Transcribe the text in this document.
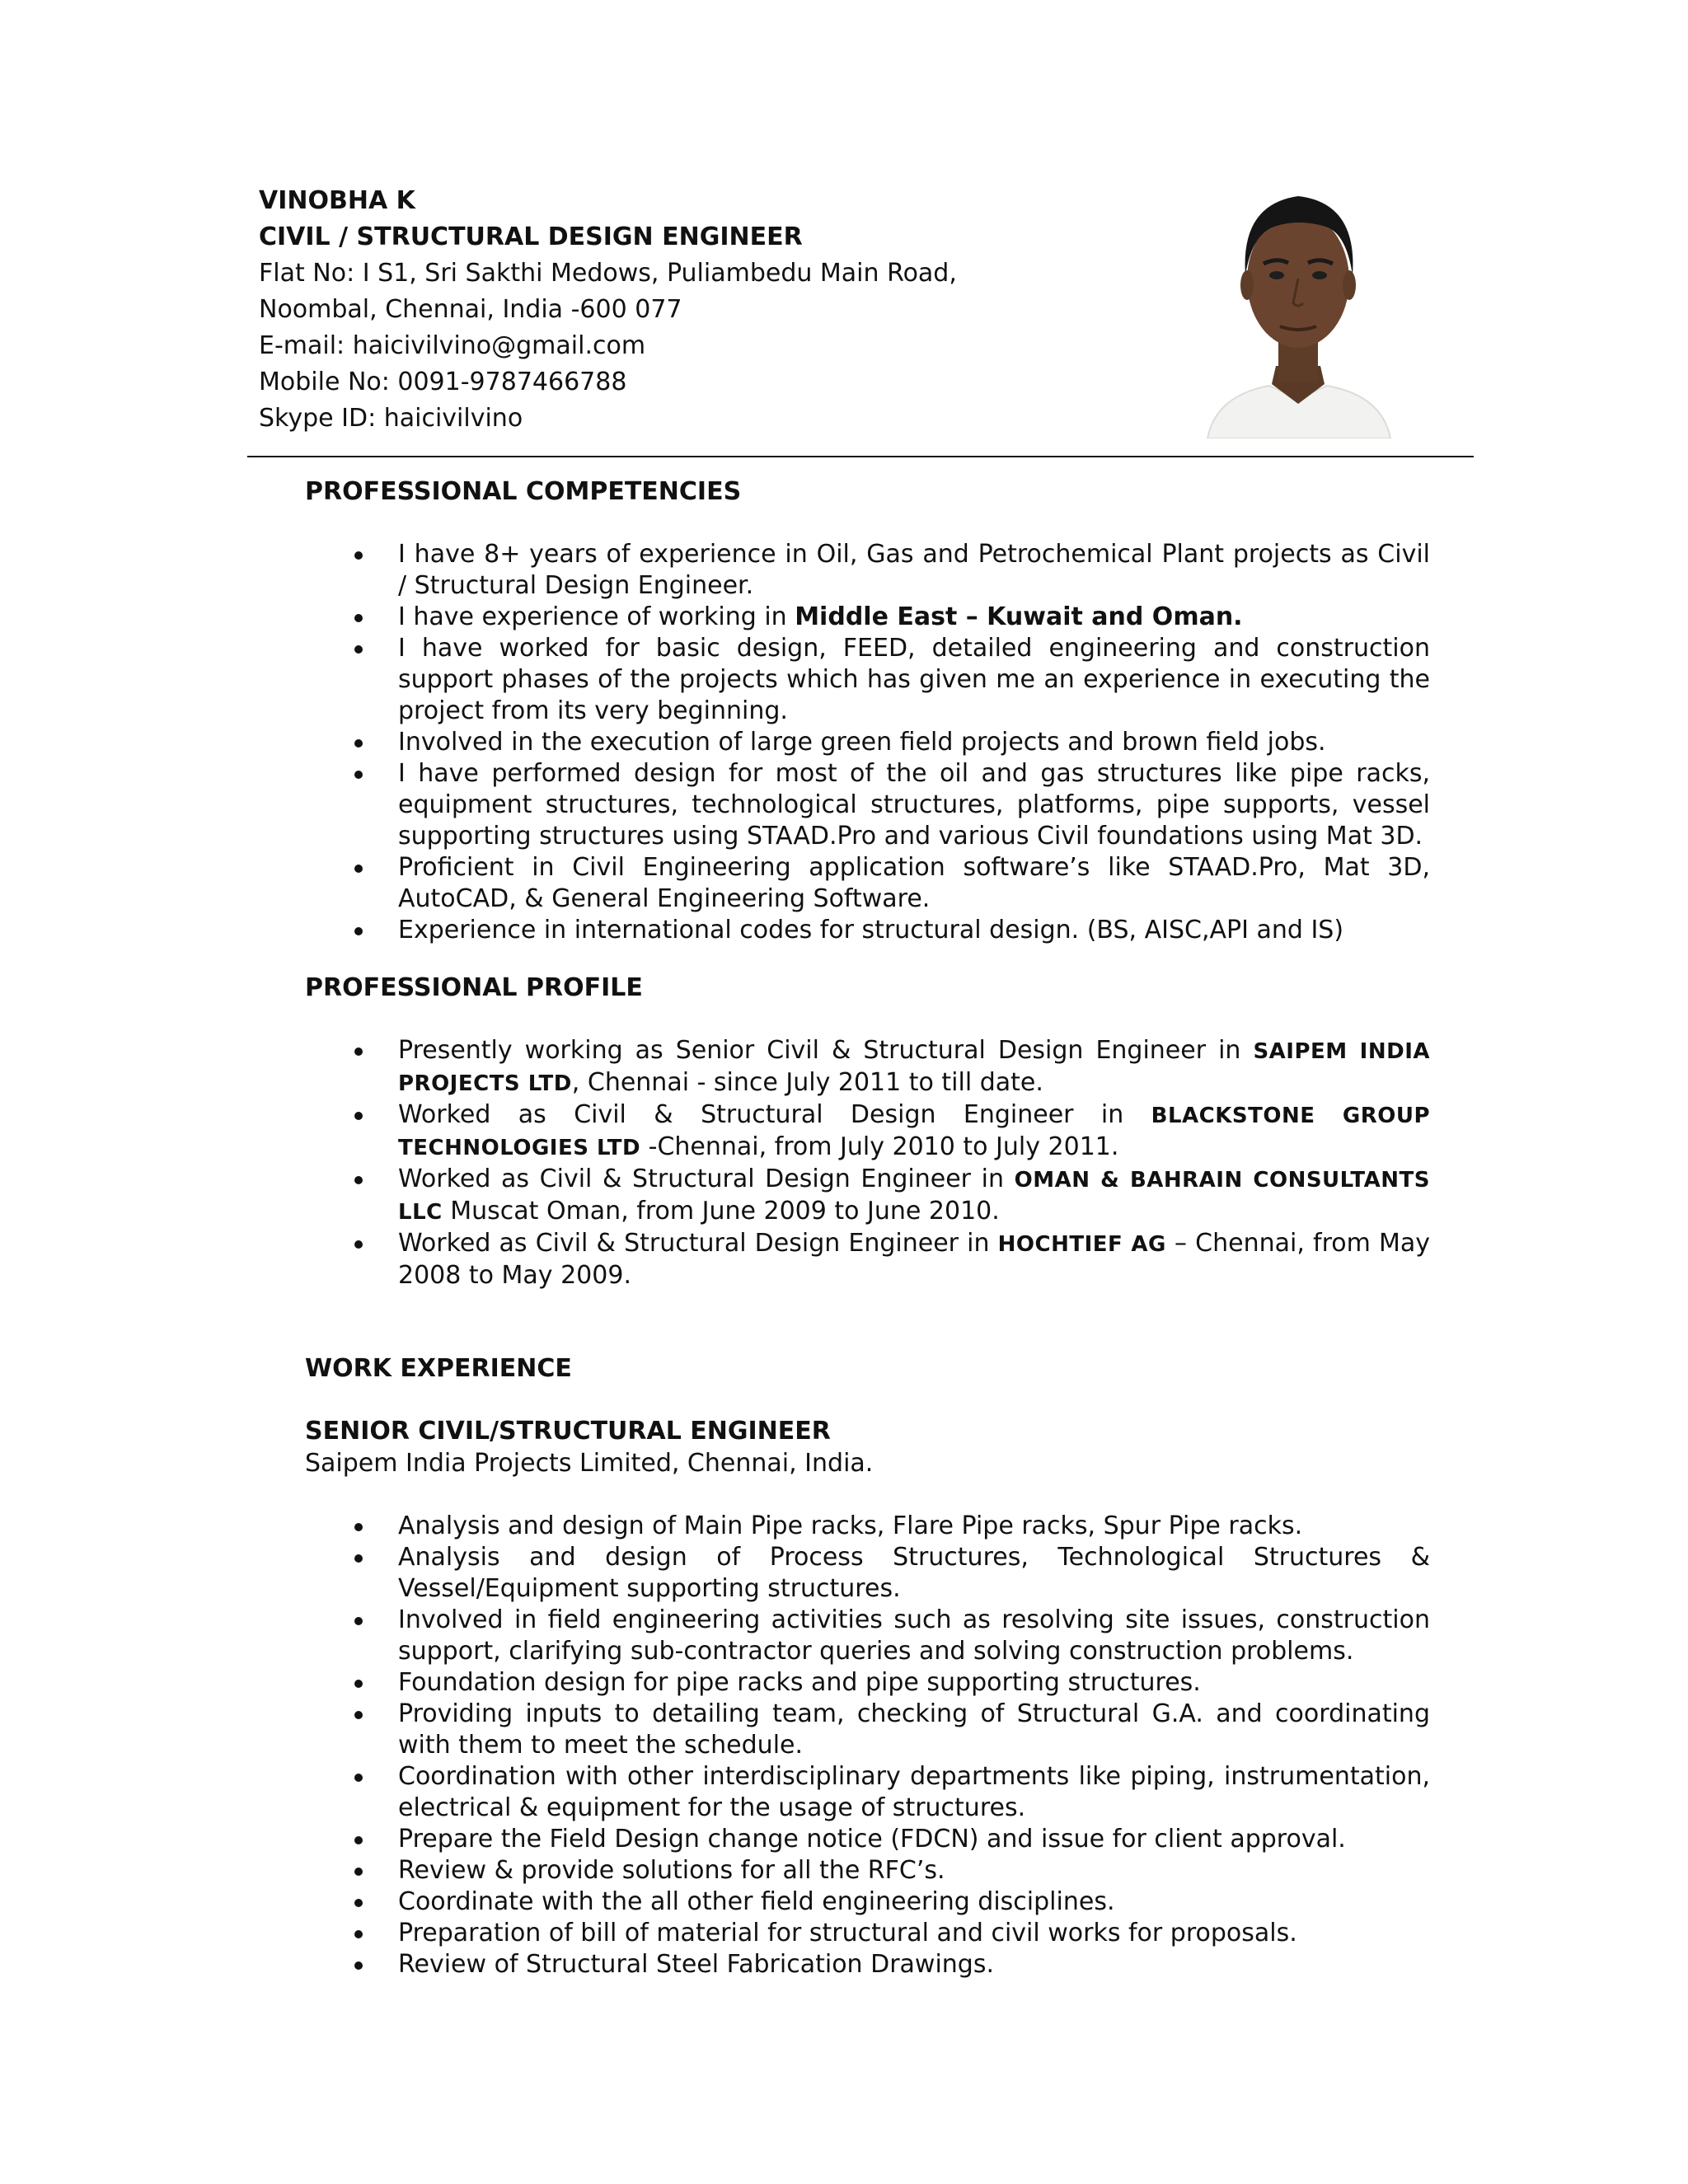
VINOBHA K
CIVIL / STRUCTURAL DESIGN ENGINEER
Flat No: I S1, Sri Sakthi Medows, Puliambedu Main Road,
Noombal, Chennai, India -600 077
E-mail: haicivilvino@gmail.com
Mobile No: 0091-9787466788
Skype ID: haicivilvino
PROFESSIONAL COMPETENCIES
I have 8+ years of experience in Oil, Gas and Petrochemical Plant projects as Civil / Structural Design Engineer.
I have experience of working in Middle East – Kuwait and Oman.
I have worked for basic design, FEED, detailed engineering and construction support phases of the projects which has given me an experience in executing the project from its very beginning.
Involved in the execution of large green field projects and brown field jobs.
I have performed design for most of the oil and gas structures like pipe racks, equipment structures, technological structures, platforms, pipe supports, vessel supporting structures using STAAD.Pro and various Civil foundations using Mat 3D.
Proficient in Civil Engineering application software’s like STAAD.Pro, Mat 3D, AutoCAD, & General Engineering Software.
Experience in international codes for structural design. (BS, AISC,API and IS)
PROFESSIONAL PROFILE
Presently working as Senior Civil & Structural Design Engineer in SAIPEM INDIA PROJECTS LTD, Chennai - since July 2011 to till date.
Worked as Civil & Structural Design Engineer in BLACKSTONE GROUP TECHNOLOGIES LTD -Chennai, from July 2010 to July 2011.
Worked as Civil & Structural Design Engineer in OMAN & BAHRAIN CONSULTANTS LLC Muscat Oman, from June 2009 to June 2010.
Worked as Civil & Structural Design Engineer in HOCHTIEF AG – Chennai, from May 2008 to May 2009.
WORK EXPERIENCE
SENIOR CIVIL/STRUCTURAL ENGINEER
Saipem India Projects Limited, Chennai, India.
Analysis and design of Main Pipe racks, Flare Pipe racks, Spur Pipe racks.
Analysis and design of Process Structures, Technological Structures & Vessel/Equipment supporting structures.
Involved in field engineering activities such as resolving site issues, construction support, clarifying sub-contractor queries and solving construction problems.
Foundation design for pipe racks and pipe supporting structures.
Providing inputs to detailing team, checking of Structural G.A. and coordinating with them to meet the schedule.
Coordination with other interdisciplinary departments like piping, instrumentation, electrical & equipment for the usage of structures.
Prepare the Field Design change notice (FDCN) and issue for client approval.
Review & provide solutions for all the RFC’s.
Coordinate with the all other field engineering disciplines.
Preparation of bill of material for structural and civil works for proposals.
Review of Structural Steel Fabrication Drawings.
